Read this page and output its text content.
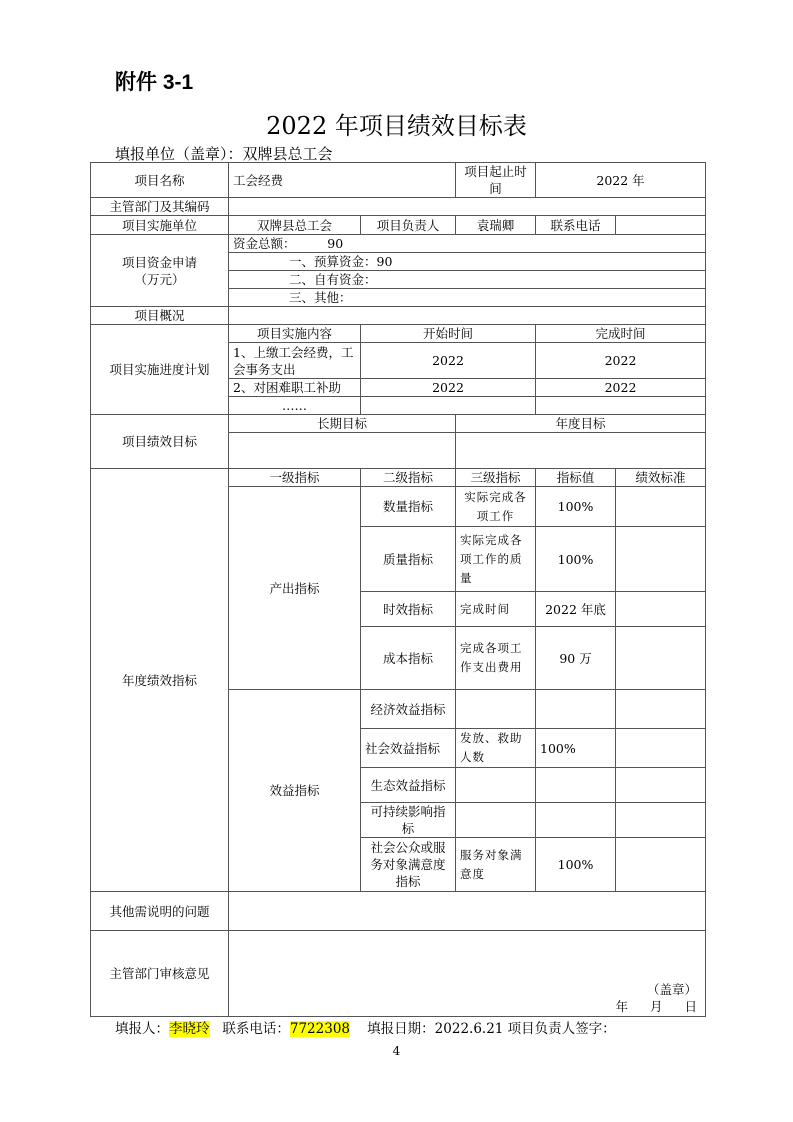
附件 3-1
2022 年项目绩效目标表
填报单位（盖章）：双牌县总工会
项目名称	工会经费		项目起止时间	2022 年	
主管部门及其编码					
项目实施单位	双牌县总工会	项目负责人	袁瑞卿	联系电话	
项目资金申请（万元）	资金总额：        90				
	一、预算资金：90				
	二、自有资金：				
	三、其他：				
项目概况					
项目实施进度计划	项目实施内容	开始时间		完成时间	
	1、上缴工会经费，工会事务支出	2022		2022	
	2、对困难职工补助	2022		2022	
	……				
项目绩效目标	长期目标		年度目标		

年度绩效指标	一级指标	二级指标	三级指标	指标值	绩效标准
	产出指标	数量指标	实际完成各项工作	100%	
		质量指标	实际完成各项工作的质量	100%	
		时效指标	完成时间	2022 年底	
		成本指标	完成各项工作支出费用	90 万	
	效益指标	经济效益指标			
		社会效益指标	发放、救助人数	100%	
		生态效益指标			
		可持续影响指标			
		社会公众或服务对象满意度指标	服务对象满意度	100%	
其他需说明的问题					
主管部门审核意见	（盖章）
年 月 日				
填报人：李晓玲 联系电话：7722308 填报日期：2022.6.21 项目负责人签字：
4
